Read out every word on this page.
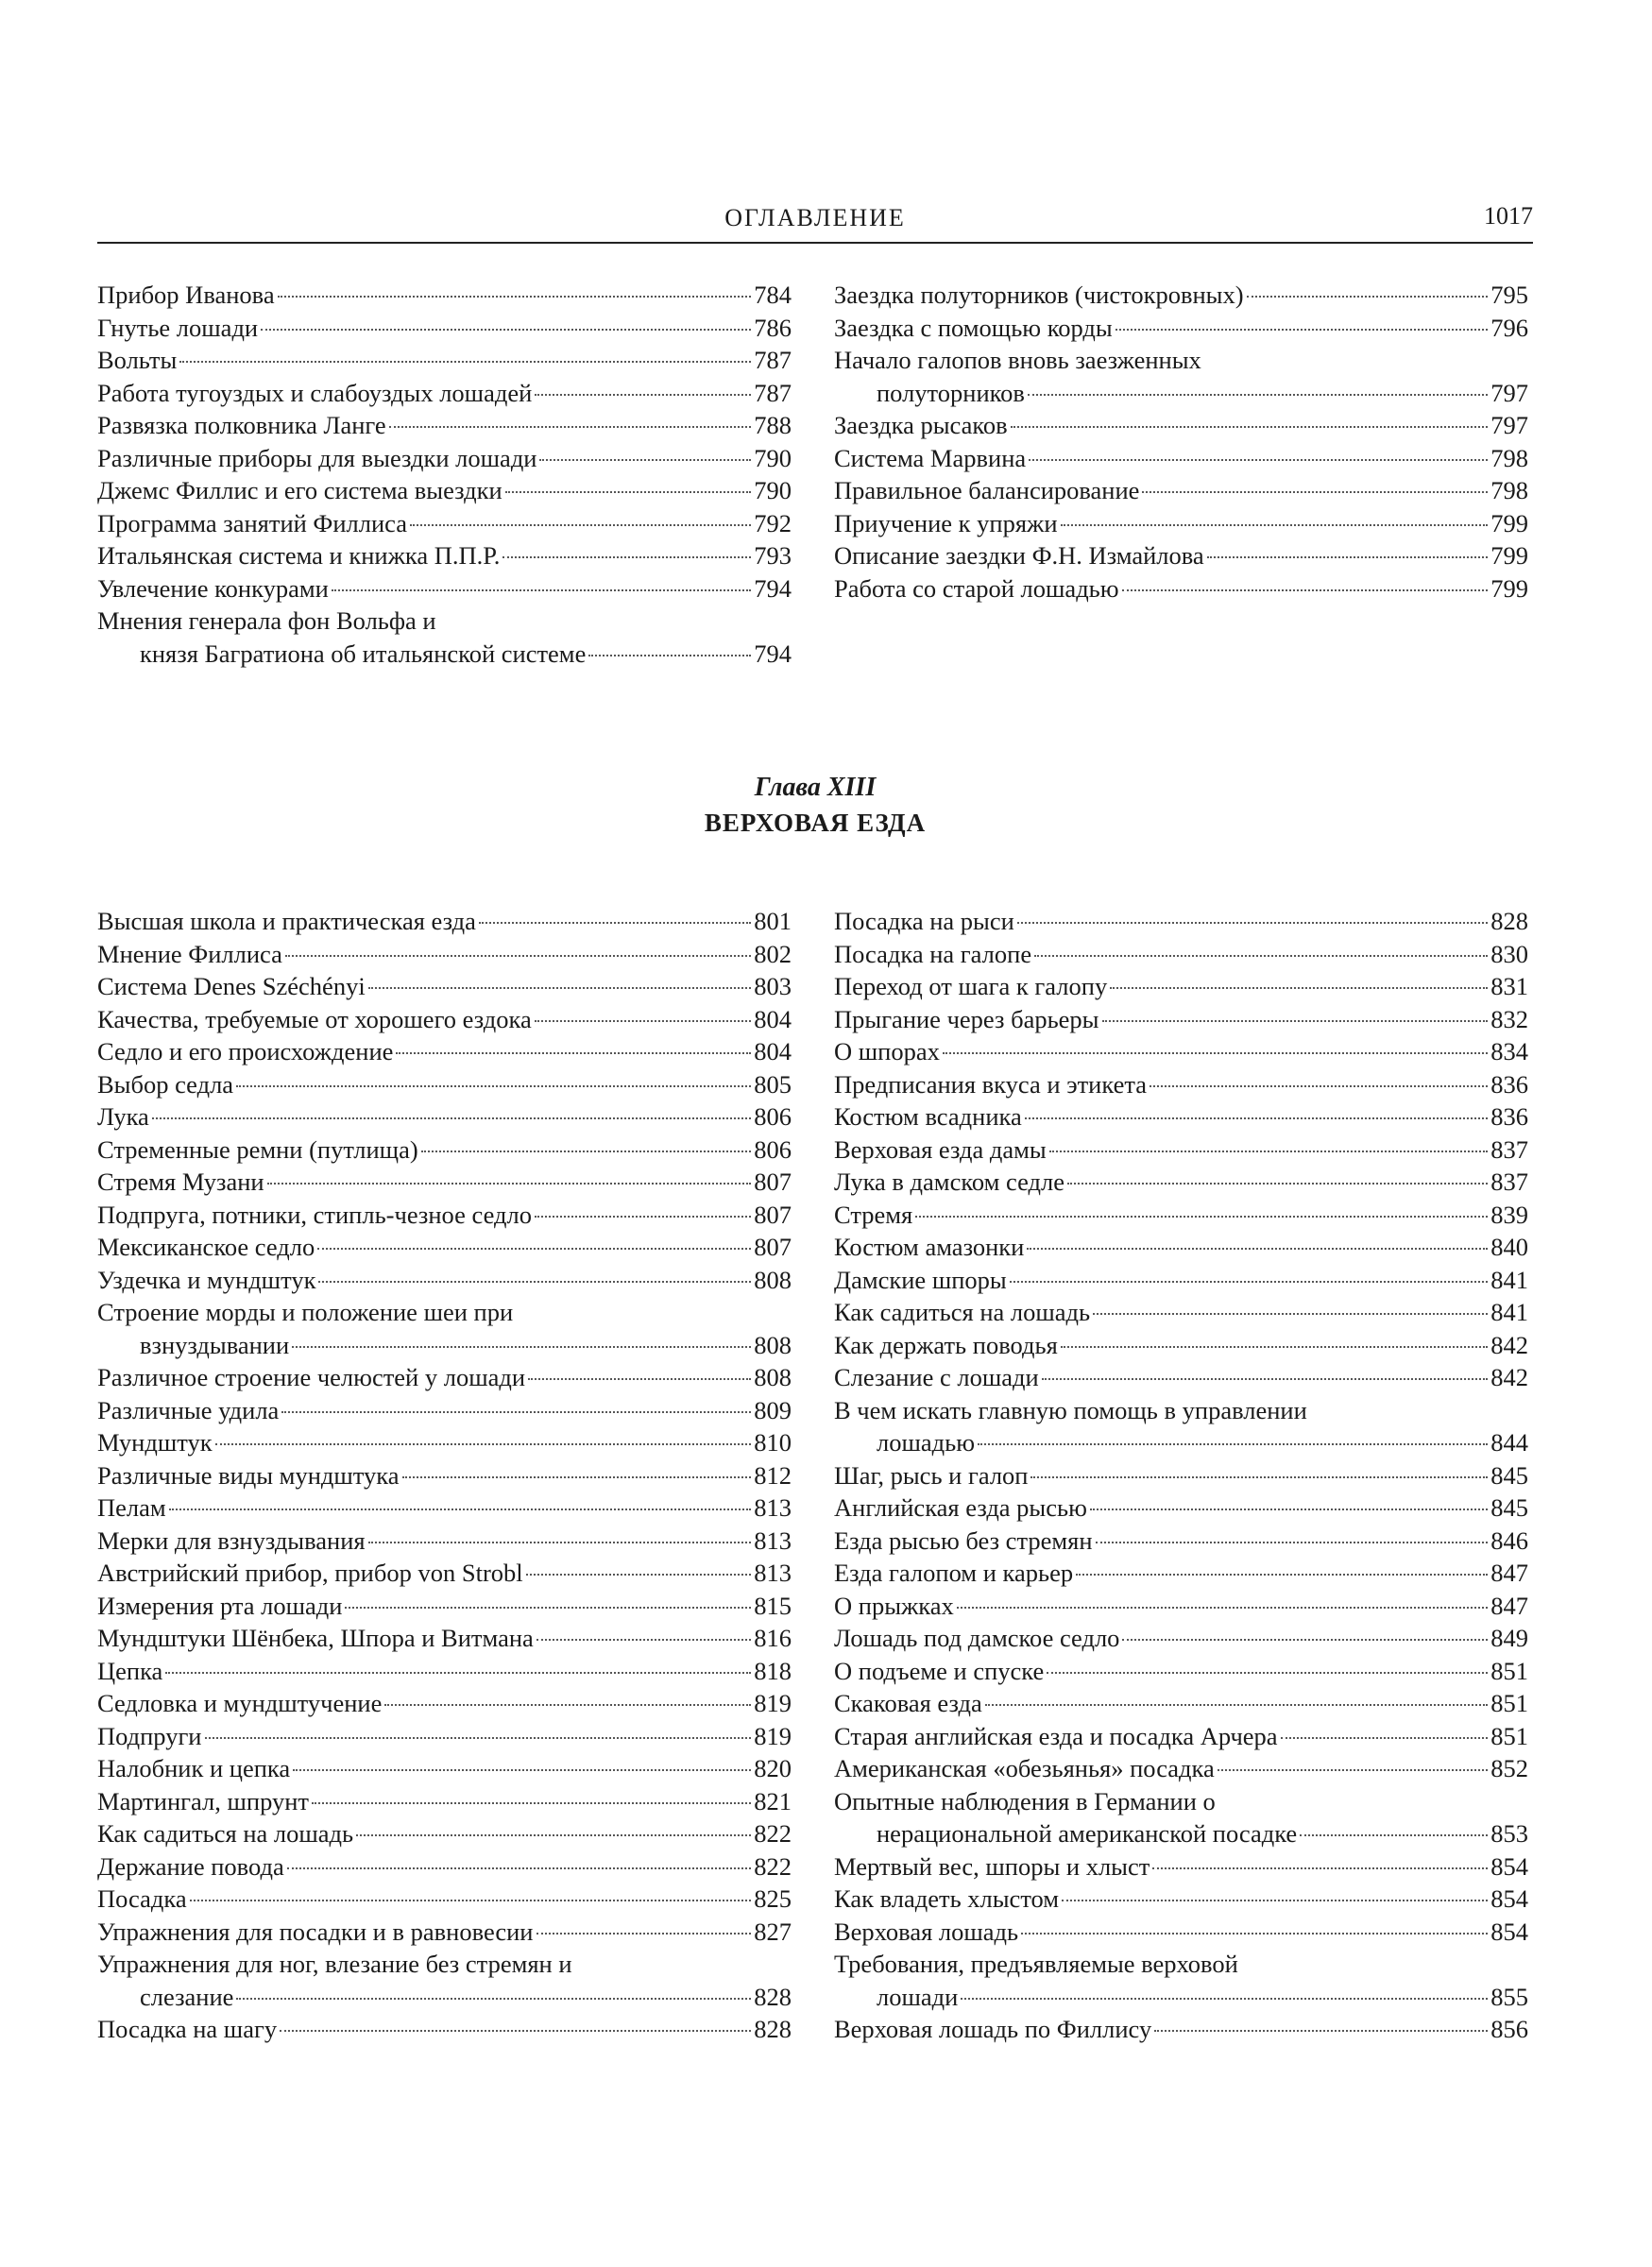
ОГЛАВЛЕНИЕ	1017
Прибор Иванова	784
Гнутье лошади	786
Вольты	787
Работа тугоуздых и слабоуздых лошадей	787
Развязка полковника Ланге	788
Различные приборы для выездки лошади	790
Джемс Филлис и его система выездки	790
Программа занятий Филлиса	792
Итальянская система и книжка П.П.Р.	793
Увлечение конкурами	794
Мнения генерала фон Вольфа и
князя Багратиона об итальянской системе	794
Заездка полуторников (чистокровных)	795
Заездка с помощью корды	796
Начало галопов вновь заезженных
полуторников	797
Заездка рысаков	797
Система Марвина	798
Правильное балансирование	798
Приучение к упряжи	799
Описание заездки Ф.Н. Измайлова	799
Работа со старой лошадью	799
Глава XIII
ВЕРХОВАЯ ЕЗДА
Высшая школа и практическая езда	801
Мнение Филлиса	802
Система Denes Széchényi	803
Качества, требуемые от хорошего ездока	804
Седло и его происхождение	804
Выбор седла	805
Лука	806
Стременные ремни (путлища)	806
Стремя Музани	807
Подпруга, потники, стипль-чезное седло	807
Мексиканское седло	807
Уздечка и мундштук	808
Строение морды и положение шеи при
взнуздывании	808
Различное строение челюстей у лошади	808
Различные удила	809
Мундштук	810
Различные виды мундштука	812
Пелам	813
Мерки для взнуздывания	813
Австрийский прибор, прибор von Strobl	813
Измерения рта лошади	815
Мундштуки Шёнбека, Шпора и Витмана	816
Цепка	818
Седловка и мундштучение	819
Подпруги	819
Налобник и цепка	820
Мартингал, шпрунт	821
Как садиться на лошадь	822
Держание повода	822
Посадка	825
Упражнения для посадки и в равновесии	827
Упражнения для ног, влезание без стремян и
слезание	828
Посадка на шагу	828
Посадка на рыси	828
Посадка на галопе	830
Переход от шага к галопу	831
Прыгание через барьеры	832
О шпорах	834
Предписания вкуса и этикета	836
Костюм всадника	836
Верховая езда дамы	837
Лука в дамском седле	837
Стремя	839
Костюм амазонки	840
Дамские шпоры	841
Как садиться на лошадь	841
Как держать поводья	842
Слезание с лошади	842
В чем искать главную помощь в управлении
лошадью	844
Шаг, рысь и галоп	845
Английская езда рысью	845
Езда рысью без стремян	846
Езда галопом и карьер	847
О прыжках	847
Лошадь под дамское седло	849
О подъеме и спуске	851
Скаковая езда	851
Старая английская езда и посадка Арчера	851
Американская «обезьянья» посадка	852
Опытные наблюдения в Германии о
нерациональной американской посадке	853
Мертвый вес, шпоры и хлыст	854
Как владеть хлыстом	854
Верховая лошадь	854
Требования, предъявляемые верховой
лошади	855
Верховая лошадь по Филлису	856
